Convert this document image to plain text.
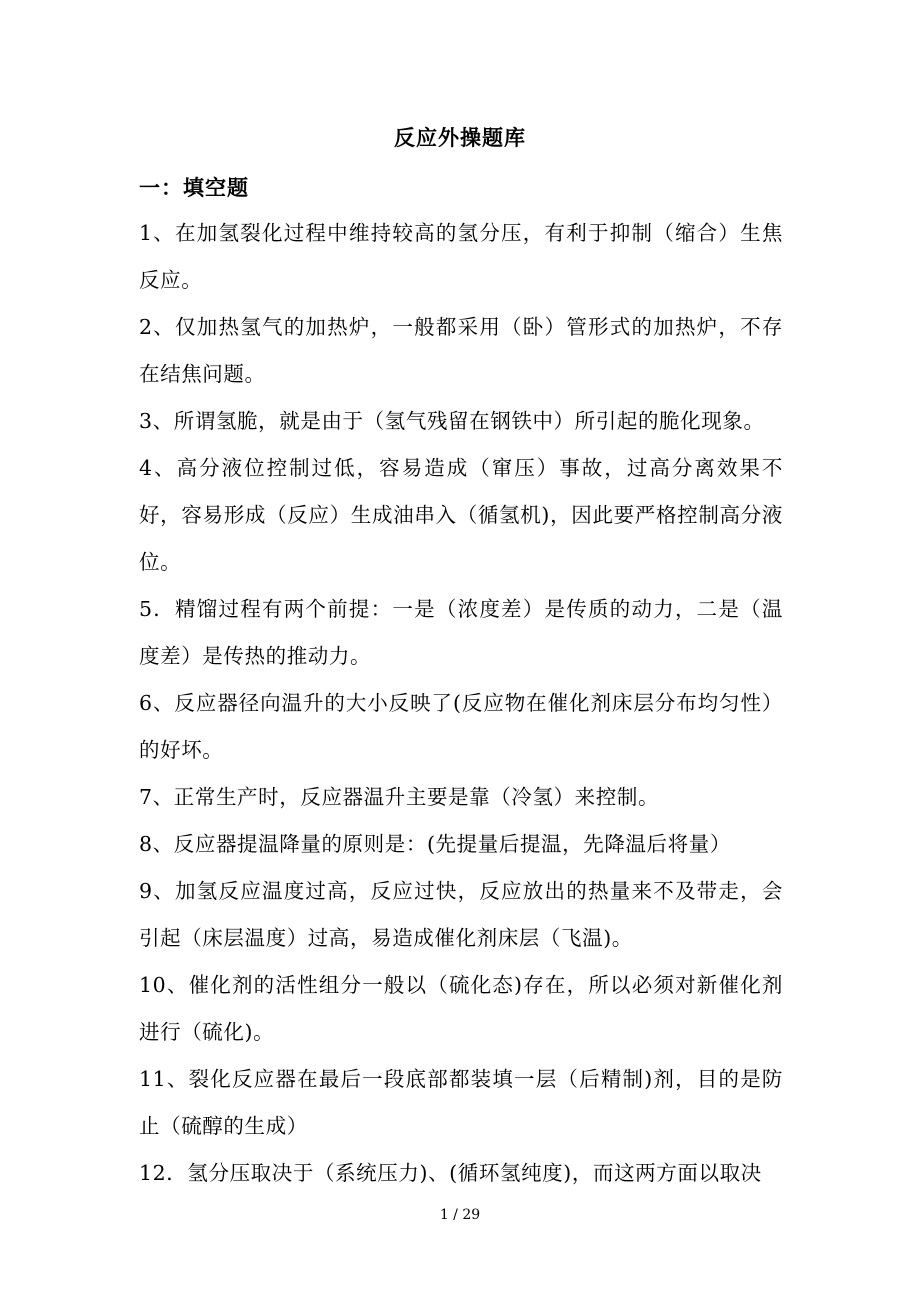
反应外操题库
一：填空题

1、在加氢裂化过程中维持较高的氢分压，有利于抑制（缩合）生焦反应。

2、仅加热氢气的加热炉，一般都采用（卧）管形式的加热炉，不存在结焦问题。

3、所谓氢脆，就是由于（氢气残留在钢铁中）所引起的脆化现象。

4、高分液位控制过低，容易造成（窜压）事故，过高分离效果不好，容易形成（反应）生成油串入（循氢机)，因此要严格控制高分液位。

5．精馏过程有两个前提：一是（浓度差）是传质的动力，二是（温度差）是传热的推动力。

6、反应器径向温升的大小反映了(反应物在催化剂床层分布均匀性）的好坏。

7、正常生产时，反应器温升主要是靠（冷氢）来控制。

8、反应器提温降量的原则是：(先提量后提温，先降温后将量）

9、加氢反应温度过高，反应过快，反应放出的热量来不及带走，会引起（床层温度）过高，易造成催化剂床层（飞温)。

10、催化剂的活性组分一般以（硫化态)存在，所以必须对新催化剂进行（硫化)。

11、裂化反应器在最后一段底部都装填一层（后精制)剂，目的是防止（硫醇的生成）

12．氢分压取决于（系统压力)、(循环氢纯度)，而这两方面以取决

1 / 29
